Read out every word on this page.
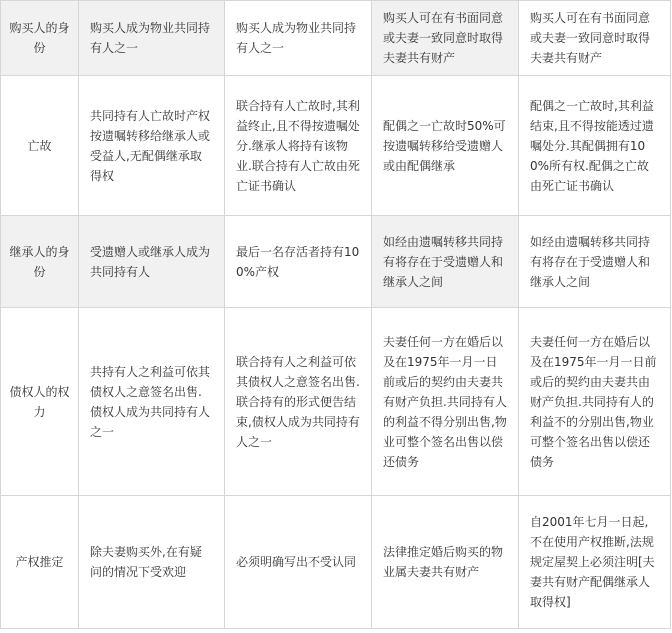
购买人的身份	购买人成为物业共同持有人之一	购买人成为物业共同持有人之一	购买人可在有书面同意或夫妻一致同意时取得夫妻共有财产	购买人可在有书面同意或夫妻一致同意时取得夫妻共有财产
亡故	共同持有人亡故时产权按遗嘱转移给继承人或受益人,无配偶继承取得权	联合持有人亡故时,其利益终止,且不得按遗嘱处分.继承人将持有该物业.联合持有人亡故由死亡证书确认	配偶之一亡故时50%可按遗嘱转移给受遗赠人或由配偶继承	配偶之一亡故时,其利益结束,且不得按能透过遗嘱处分.其配偶拥有100%所有权.配偶之亡故由死亡证书确认
继承人的身份	受遗赠人或继承人成为共同持有人	最后一名存活者持有100%产权	如经由遗嘱转移共同持有将存在于受遗赠人和继承人之间	如经由遗嘱转移共同持有将存在于受遗赠人和继承人之间
债权人的权力	共持有人之利益可依其债权人之意签名出售.债权人成为共同持有人之一	联合持有人之利益可依其债权人之意签名出售.联合持有的形式便告结束,债权人成为共同持有人之一	夫妻任何一方在婚后以及在1975年一月一日前或后的契约由夫妻共有财产负担.共同持有人的利益不得分别出售,物业可整个签名出售以偿还债务	夫妻任何一方在婚后以及在1975年一月一日前或后的契约由夫妻共由财产负担.共同持有人的利益不的分别出售,物业可整个签名出售以偿还债务
产权推定	除夫妻购买外,在有疑问的情况下受欢迎	必须明确写出不受认同	法律推定婚后购买的物业属夫妻共有财产	自2001年七月一日起,不在使用产权推断,法规规定屋契上必须注明[夫妻共有财产配偶继承人取得权]
